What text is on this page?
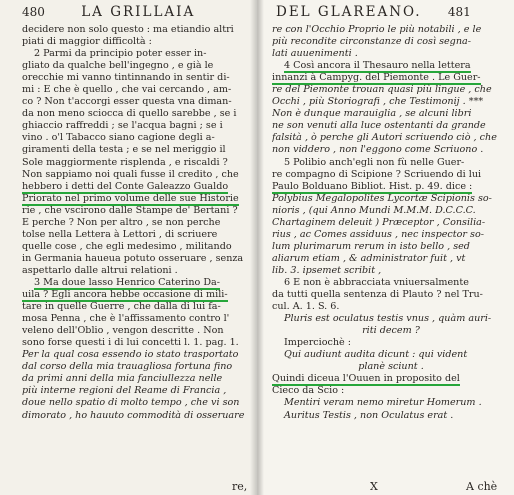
480	LA GRILLAIA
decidere non solo questo : ma etiandio altri
piati di maggior difficoltà :
2 Parmi da principio poter esser in-
gliato da qualche bell'ingegno , e già le
orecchie mi vanno tintinnando in sentir di-
mi : E che è quello , che vai cercando , am-
co ? Non t'accorgi esser questa vna diman-
da non meno sciocca di quello sarebbe , se i
ghiaccio raffreddi ; se l'acqua bagni ; se i
vino . o'l Tabacco siano cagione degli a-
giramenti della testa ; e se nel meriggio il
Sole maggiormente risplenda , e riscaldi ?
Non sappiamo noi quali fusse il credito , che
hebbero i detti del Conte Galeazzo Gualdo
Priorato nel primo volume delle sue Historie
rie , che vscirono dalle Stampe de' Bertani ?
E perche ? Non per altro , se non perche
tolse nella Lettera à Lettori , di scriuere
quelle cose , che egli medesimo , militando
in Germania haueua potuto osseruare , senza
aspettarlo dalle altrui relationi .
3 Ma doue lasso Henrico Caterino Da-
uila ? Egli ancora hebbe occasione di mili-
tare in quelle Guerre , che dalla di lui fa-
mosa Penna , che è l'affissamento contro l'
veleno dell'Oblio , vengon descritte . Non
sono forse questi i di lui concetti l. 1. pag. 1.
Per la qual cosa essendo io stato trasportato
dal corso della mia trauagliosa fortuna fino
da primi anni della mia fanciullezza nelle
più interne regioni del Reame di Francia ,
doue nello spatio di molto tempo , che vi son
dimorato , ho hauuto commodità di osseruare
re,
DEL GLAREANO. 481
re con l'Occhio Proprio le più notabili , e le
più recondite circonstanze di così segna-
lati auuenimenti .
4 Così ancora il Thesauro nella lettera
innanzi à Campyg. del Piemonte . Le Guer-
re del Piemonte trouan quasi più lingue , che
Occhi , più Storiografi , che Testimonij . ***
Non è dunque marauiglia , se alcuni libri
ne son venuti alla luce ostentanti da grande
falsità , ò perche gli Autori scriuendo ciò , che
non viddero , non l'eggono come Scriuono .
5 Polibio anch'egli non fù nelle Guer-
re compagno di Scipione ? Scriuendo di lui
Paulo Bolduano Bibliot. Hist. p. 49. dice :
Polybius Megalopolites Lycortæ Scipionis so-
nioris , (qui Anno Mundi M.M.M. D.C.C.C.
Chartaginem deleuit ) Præceptor , Consilia-
rius , ac Comes assiduus , nec inspector so-
lum plurimarum rerum in isto bello , sed
aliarum etiam , & administrator fuit , vt
lib. 3. ipsemet scribit ,
6 E non è abbracciata vniuersalmente
da tutti quella sentenza di Plauto ? nel Tru-
cul. A. 1. S. 6.
Pluris est oculatus testis vnus , quàm auri-
riti decem ?
Imperciochè :
Qui audiunt audita dicunt : qui vident
planè sciunt .
Quindi diceua l'Ouuen in proposito del
Cieco da Scio :
Mentiri veram nemo miretur Homerum .
Auritus Testis , non Oculatus erat .
X	A chè
